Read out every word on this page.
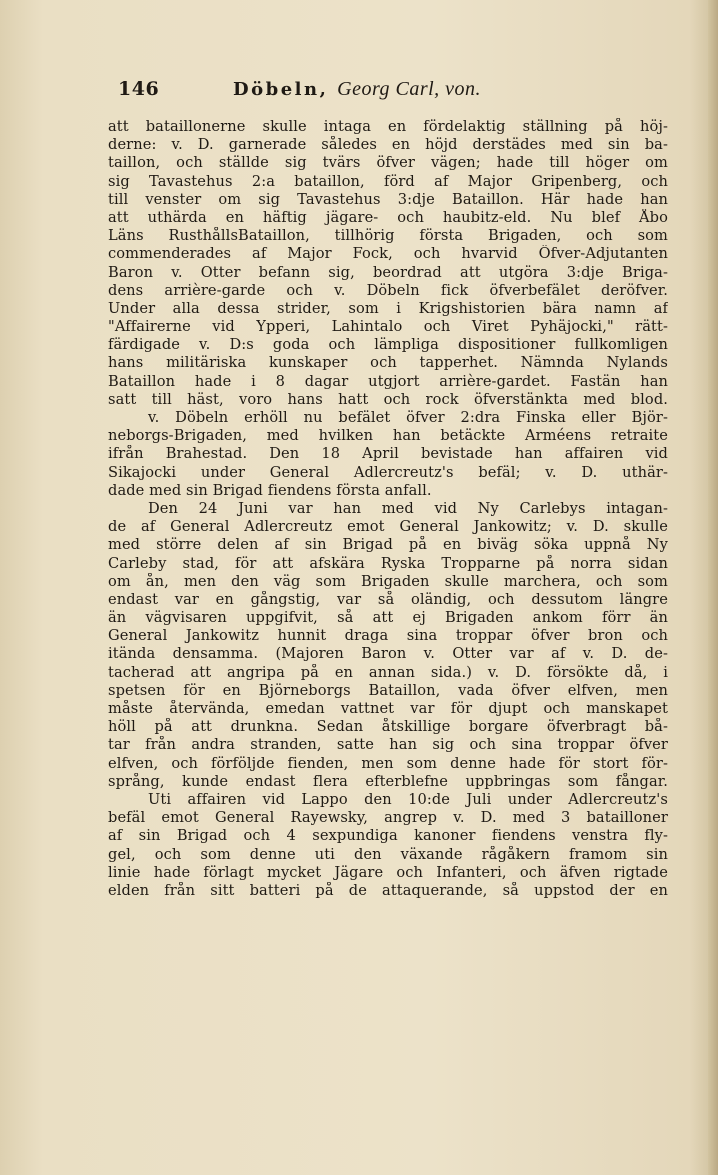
146	Döbeln, Georg Carl, von.
att bataillonerne skulle intaga en fördelaktig ställning på höj-
derne: v. D. garnerade således en höjd derstädes med sin ba-
taillon, och ställde sig tvärs öfver vägen; hade till höger om
sig Tavastehus 2:a bataillon, förd af Major Gripenberg, och
till venster om sig Tavastehus 3:dje Bataillon. Här hade han
att uthärda en häftig jägare- och haubitz-eld. Nu blef Åbo
Läns RusthållsBataillon, tillhörig första Brigaden, och som
commenderades af Major Fock, och hvarvid Öfver-Adjutanten
Baron v. Otter befann sig, beordrad att utgöra 3:dje Briga-
dens arrière-garde och v. Döbeln fick öfverbefälet deröfver.
Under alla dessa strider, som i Krigshistorien bära namn af
"Affairerne vid Ypperi, Lahintalo och Viret Pyhäjocki," rätt-
färdigade v. D:s goda och lämpliga dispositioner fullkomligen
hans militäriska kunskaper och tapperhet. Nämnda Nylands
Bataillon hade i 8 dagar utgjort arrière-gardet. Fastän han
satt till häst, voro hans hatt och rock öfverstänkta med blod.
v. Döbeln erhöll nu befälet öfver 2:dra Finska eller Björ-
neborgs-Brigaden, med hvilken han betäckte Arméens retraite
ifrån Brahestad. Den 18 April bevistade han affairen vid
Sikajocki under General Adlercreutz's befäl; v. D. uthär-
dade med sin Brigad fiendens första anfall.
Den 24 Juni var han med vid Ny Carlebys intagan-
de af General Adlercreutz emot General Jankowitz; v. D. skulle
med större delen af sin Brigad på en biväg söka uppnå Ny
Carleby stad, för att afskära Ryska Tropparne på norra sidan
om ån, men den väg som Brigaden skulle marchera, och som
endast var en gångstig, var så oländig, och dessutom längre
än vägvisaren uppgifvit, så att ej Brigaden ankom förr än
General Jankowitz hunnit draga sina troppar öfver bron och
itända densamma. (Majoren Baron v. Otter var af v. D. de-
tacherad att angripa på en annan sida.) v. D. försökte då, i
spetsen för en Björneborgs Bataillon, vada öfver elfven, men
måste återvända, emedan vattnet var för djupt och manskapet
höll på att drunkna. Sedan åtskillige borgare öfverbragt bå-
tar från andra stranden, satte han sig och sina troppar öfver
elfven, och förföljde fienden, men som denne hade för stort för-
språng, kunde endast flera efterblefne uppbringas som fångar.
Uti affairen vid Lappo den 10:de Juli under Adlercreutz's
befäl emot General Rayewsky, angrep v. D. med 3 batailloner
af sin Brigad och 4 sexpundiga kanoner fiendens venstra fly-
gel, och som denne uti den växande rågåkern framom sin
linie hade förlagt mycket Jägare och Infanteri, och äfven rigtade
elden från sitt batteri på de attaquerande, så uppstod der en
